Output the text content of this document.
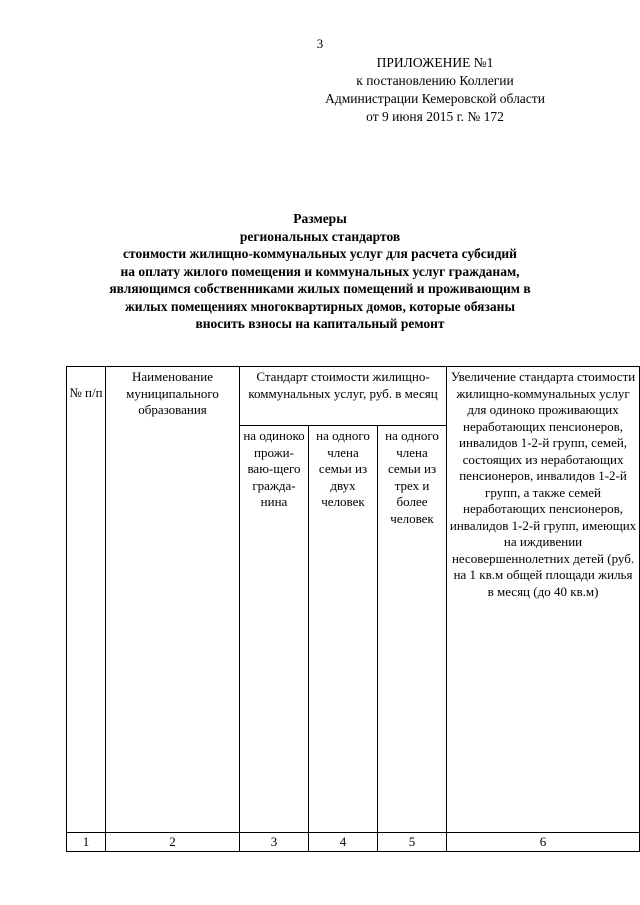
3
ПРИЛОЖЕНИЕ №1
к постановлению Коллегии
Администрации Кемеровской области
от 9 июня 2015 г. № 172
Размеры
региональных стандартов
стоимости жилищно-коммунальных услуг для расчета субсидий
на оплату жилого помещения и коммунальных услуг гражданам,
являющимся собственниками жилых помещений и проживающим в
жилых помещениях многоквартирных домов, которые обязаны
вносить взносы на капитальный ремонт
№ п/п	Наименование муниципального образования	Стандарт стоимости жилищно-коммунальных услуг, руб. в месяц			Увеличение стандарта стоимости жилищно-коммунальных услуг для одиноко проживающих неработающих пенсионеров, инвалидов 1-2-й групп, семей, состоящих из неработающих пенсионеров, инвалидов 1-2-й групп, а также семей неработающих пенсионеров, инвалидов 1-2-й групп, имеющих на иждивении несовершеннолетних детей (руб. на 1 кв.м общей площади жилья в месяц (до 40 кв.м)
		на одиноко прожи-ваю-щего гражда-нина	на одного члена семьи из двух человек	на одного члена семьи из трех и более человек	
1	2	3	4	5	6
